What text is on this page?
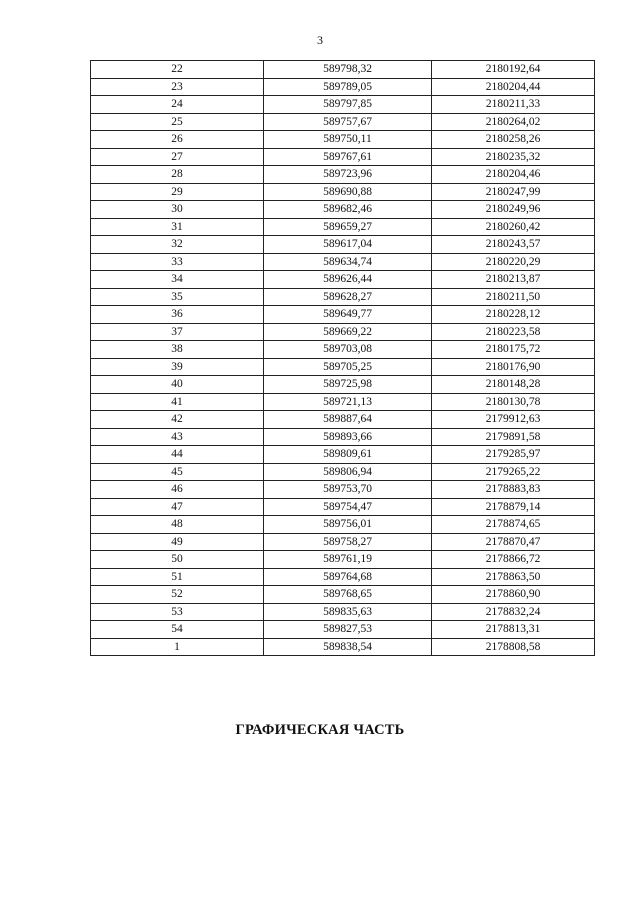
3
22	589798,32	2180192,64
23	589789,05	2180204,44
24	589797,85	2180211,33
25	589757,67	2180264,02
26	589750,11	2180258,26
27	589767,61	2180235,32
28	589723,96	2180204,46
29	589690,88	2180247,99
30	589682,46	2180249,96
31	589659,27	2180260,42
32	589617,04	2180243,57
33	589634,74	2180220,29
34	589626,44	2180213,87
35	589628,27	2180211,50
36	589649,77	2180228,12
37	589669,22	2180223,58
38	589703,08	2180175,72
39	589705,25	2180176,90
40	589725,98	2180148,28
41	589721,13	2180130,78
42	589887,64	2179912,63
43	589893,66	2179891,58
44	589809,61	2179285,97
45	589806,94	2179265,22
46	589753,70	2178883,83
47	589754,47	2178879,14
48	589756,01	2178874,65
49	589758,27	2178870,47
50	589761,19	2178866,72
51	589764,68	2178863,50
52	589768,65	2178860,90
53	589835,63	2178832,24
54	589827,53	2178813,31
1	589838,54	2178808,58
ГРАФИЧЕСКАЯ ЧАСТЬ
